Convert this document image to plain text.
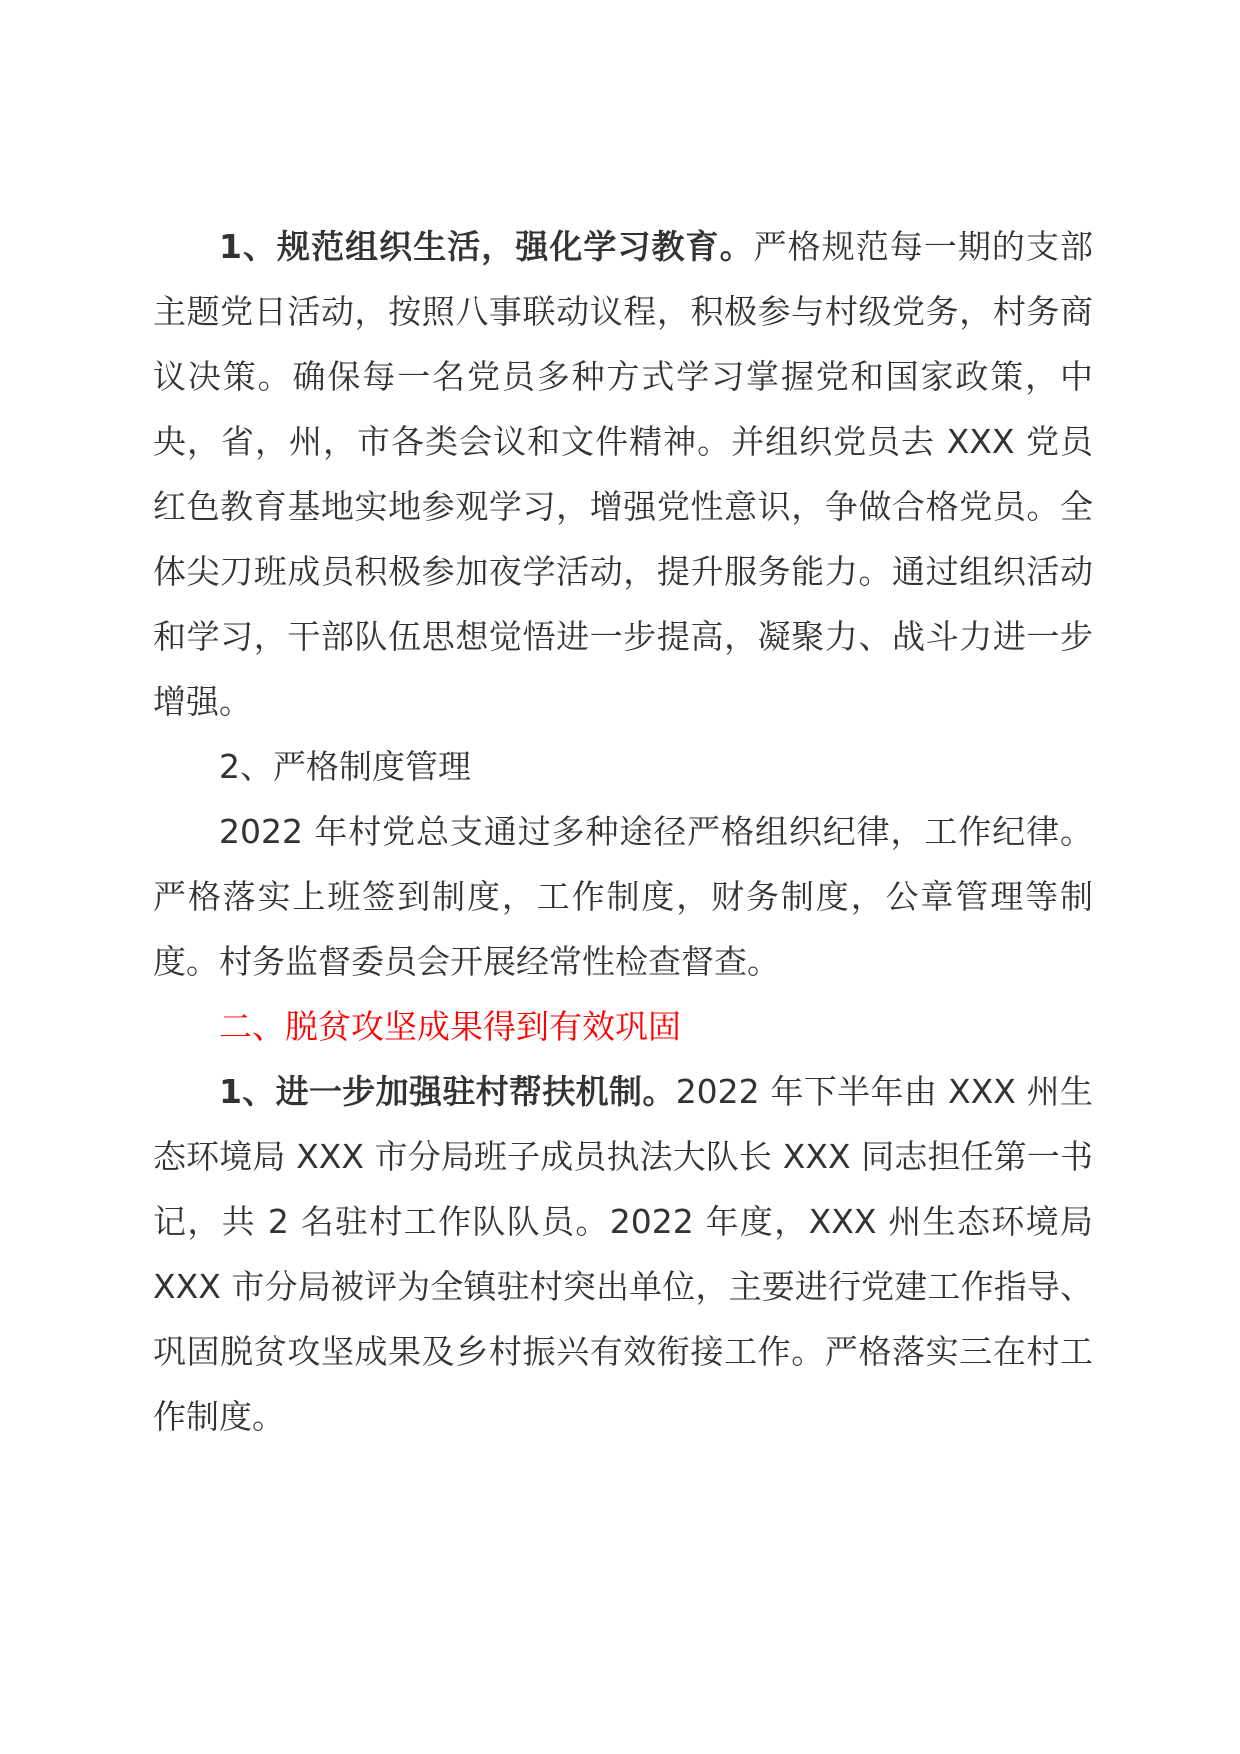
1、规范组织生活，强化学习教育。严格规范每一期的支部主题党日活动，按照八事联动议程，积极参与村级党务，村务商议决策。确保每一名党员多种方式学习掌握党和国家政策，中央，省，州，市各类会议和文件精神。并组织党员去 XXX 党员红色教育基地实地参观学习，增强党性意识，争做合格党员。全体尖刀班成员积极参加夜学活动，提升服务能力。通过组织活动和学习，干部队伍思想觉悟进一步提高，凝聚力、战斗力进一步增强。

2、严格制度管理

2022 年村党总支通过多种途径严格组织纪律，工作纪律。严格落实上班签到制度，工作制度，财务制度，公章管理等制度。村务监督委员会开展经常性检查督查。

二、脱贫攻坚成果得到有效巩固

1、进一步加强驻村帮扶机制。2022 年下半年由 XXX 州生态环境局 XXX 市分局班子成员执法大队长 XXX 同志担任第一书记，共 2 名驻村工作队队员。2022 年度，XXX 州生态环境局 XXX 市分局被评为全镇驻村突出单位，主要进行党建工作指导、巩固脱贫攻坚成果及乡村振兴有效衔接工作。严格落实三在村工作制度。
